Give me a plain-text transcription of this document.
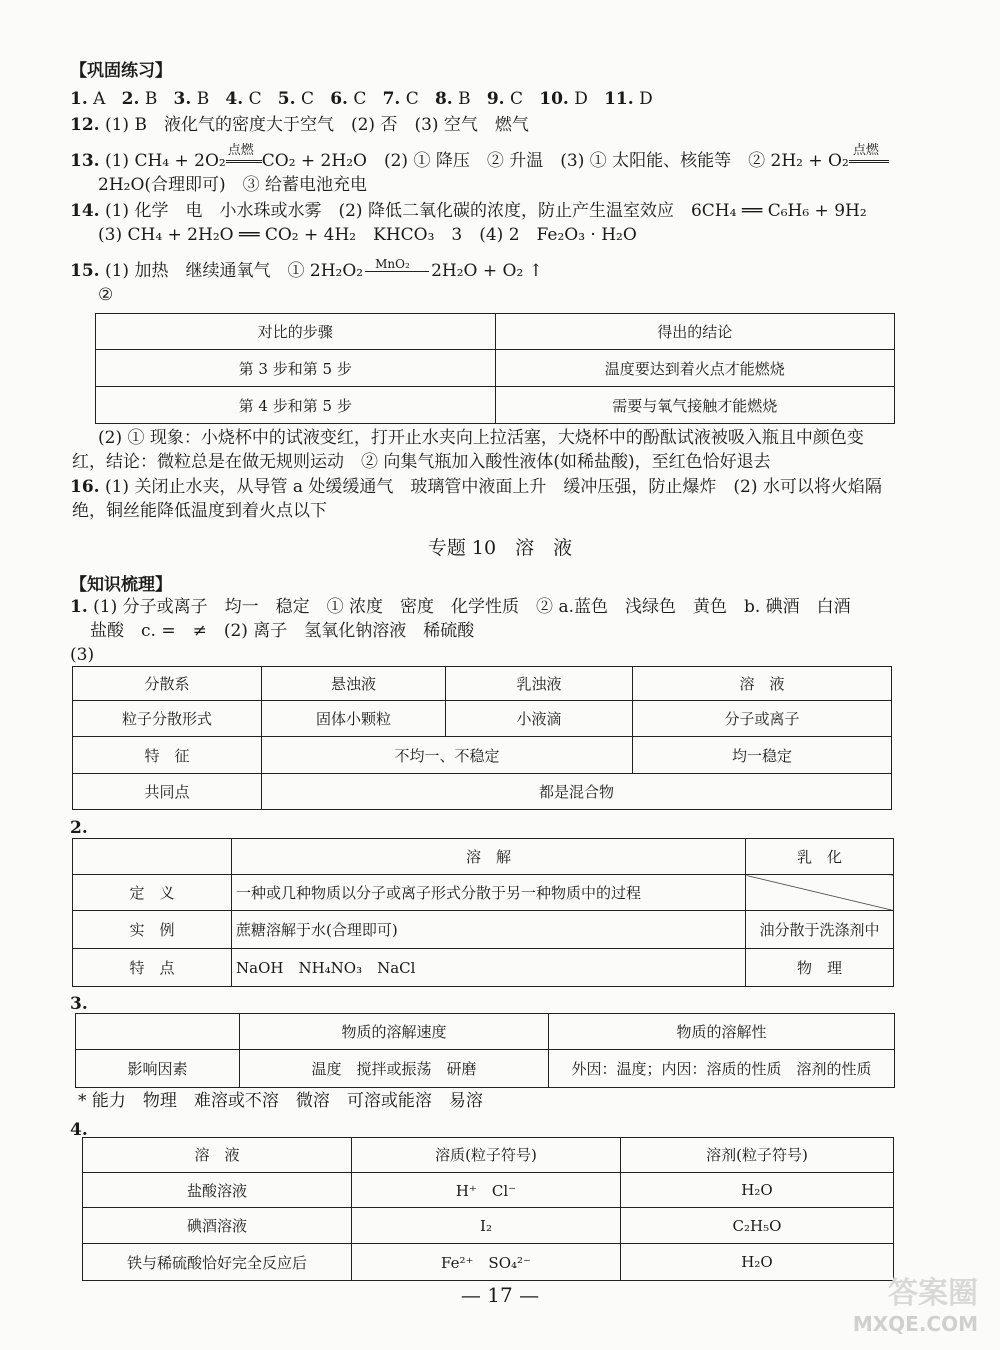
【巩固练习】
1. A 2. B 3. B 4. C 5. C 6. C 7. C 8. B 9. C 10. D 11. D
12. (1) B　液化气的密度大于空气　(2) 否　(3) 空气　燃气
13. (1) CH₄ + 2O₂
点燃
CO₂ + 2H₂O　(2) ① 降压　② 升温　(3) ① 太阳能、核能等　② 2H₂ + O₂
点燃
2H₂O(合理即可)　③ 给蓄电池充电
14. (1) 化学　电　小水珠或水雾　(2) 降低二氧化碳的浓度，防止产生温室效应　6CH₄ ══ C₆H₆ + 9H₂
(3) CH₄ + 2H₂O ══ CO₂ + 4H₂　KHCO₃　3　(4) 2　Fe₂O₃ · H₂O
15. (1) 加热　继续通氧气　① 2H₂O₂ MnO₂ 2H₂O + O₂ ↑
②
对比的步骤	得出的结论
第 3 步和第 5 步	温度要达到着火点才能燃烧
第 4 步和第 5 步	需要与氧气接触才能燃烧
(2) ① 现象：小烧杯中的试液变红，打开止水夹向上拉活塞，大烧杯中的酚酞试液被吸入瓶且中颜色变
红，结论：微粒总是在做无规则运动　② 向集气瓶加入酸性液体(如稀盐酸)，至红色恰好退去
16. (1) 关闭止水夹，从导管 a 处缓缓通气　玻璃管中液面上升　缓冲压强，防止爆炸　(2) 水可以将火焰隔
绝，铜丝能降低温度到着火点以下
专题 10　溶　液
【知识梳理】
1. (1) 分子或离子　均一　稳定　① 浓度　密度　化学性质　② a.蓝色　浅绿色　黄色　b. 碘酒　白酒
盐酸　c. =　≠　(2) 离子　氢氧化钠溶液　稀硫酸
(3)
分散系	悬浊液	乳浊液	溶　液
粒子分散形式	固体小颗粒	小液滴	分子或离子
特　征	不均一、不稳定		均一稳定
共同点	都是混合物		
2.
	溶　解	乳　化
定　义	一种或几种物质以分子或离子形式分散于另一种物质中的过程	
实　例	蔗糖溶解于水(合理即可)	油分散于洗涤剂中
特　点	NaOH　NH₄NO₃　NaCl	物　理
3.
	物质的溶解速度	物质的溶解性
影响因素	温度　搅拌或振荡　研磨	外因：温度；内因：溶质的性质　溶剂的性质
* 能力　物理　难溶或不溶　微溶　可溶或能溶　易溶
4.
溶　液	溶质(粒子符号)	溶剂(粒子符号)
盐酸溶液	H⁺　Cl⁻	H₂O
碘酒溶液	I₂	C₂H₅O
铁与稀硫酸恰好完全反应后	Fe²⁺　SO₄²⁻	H₂O
— 17 —	答案圈
MXQE.COM
